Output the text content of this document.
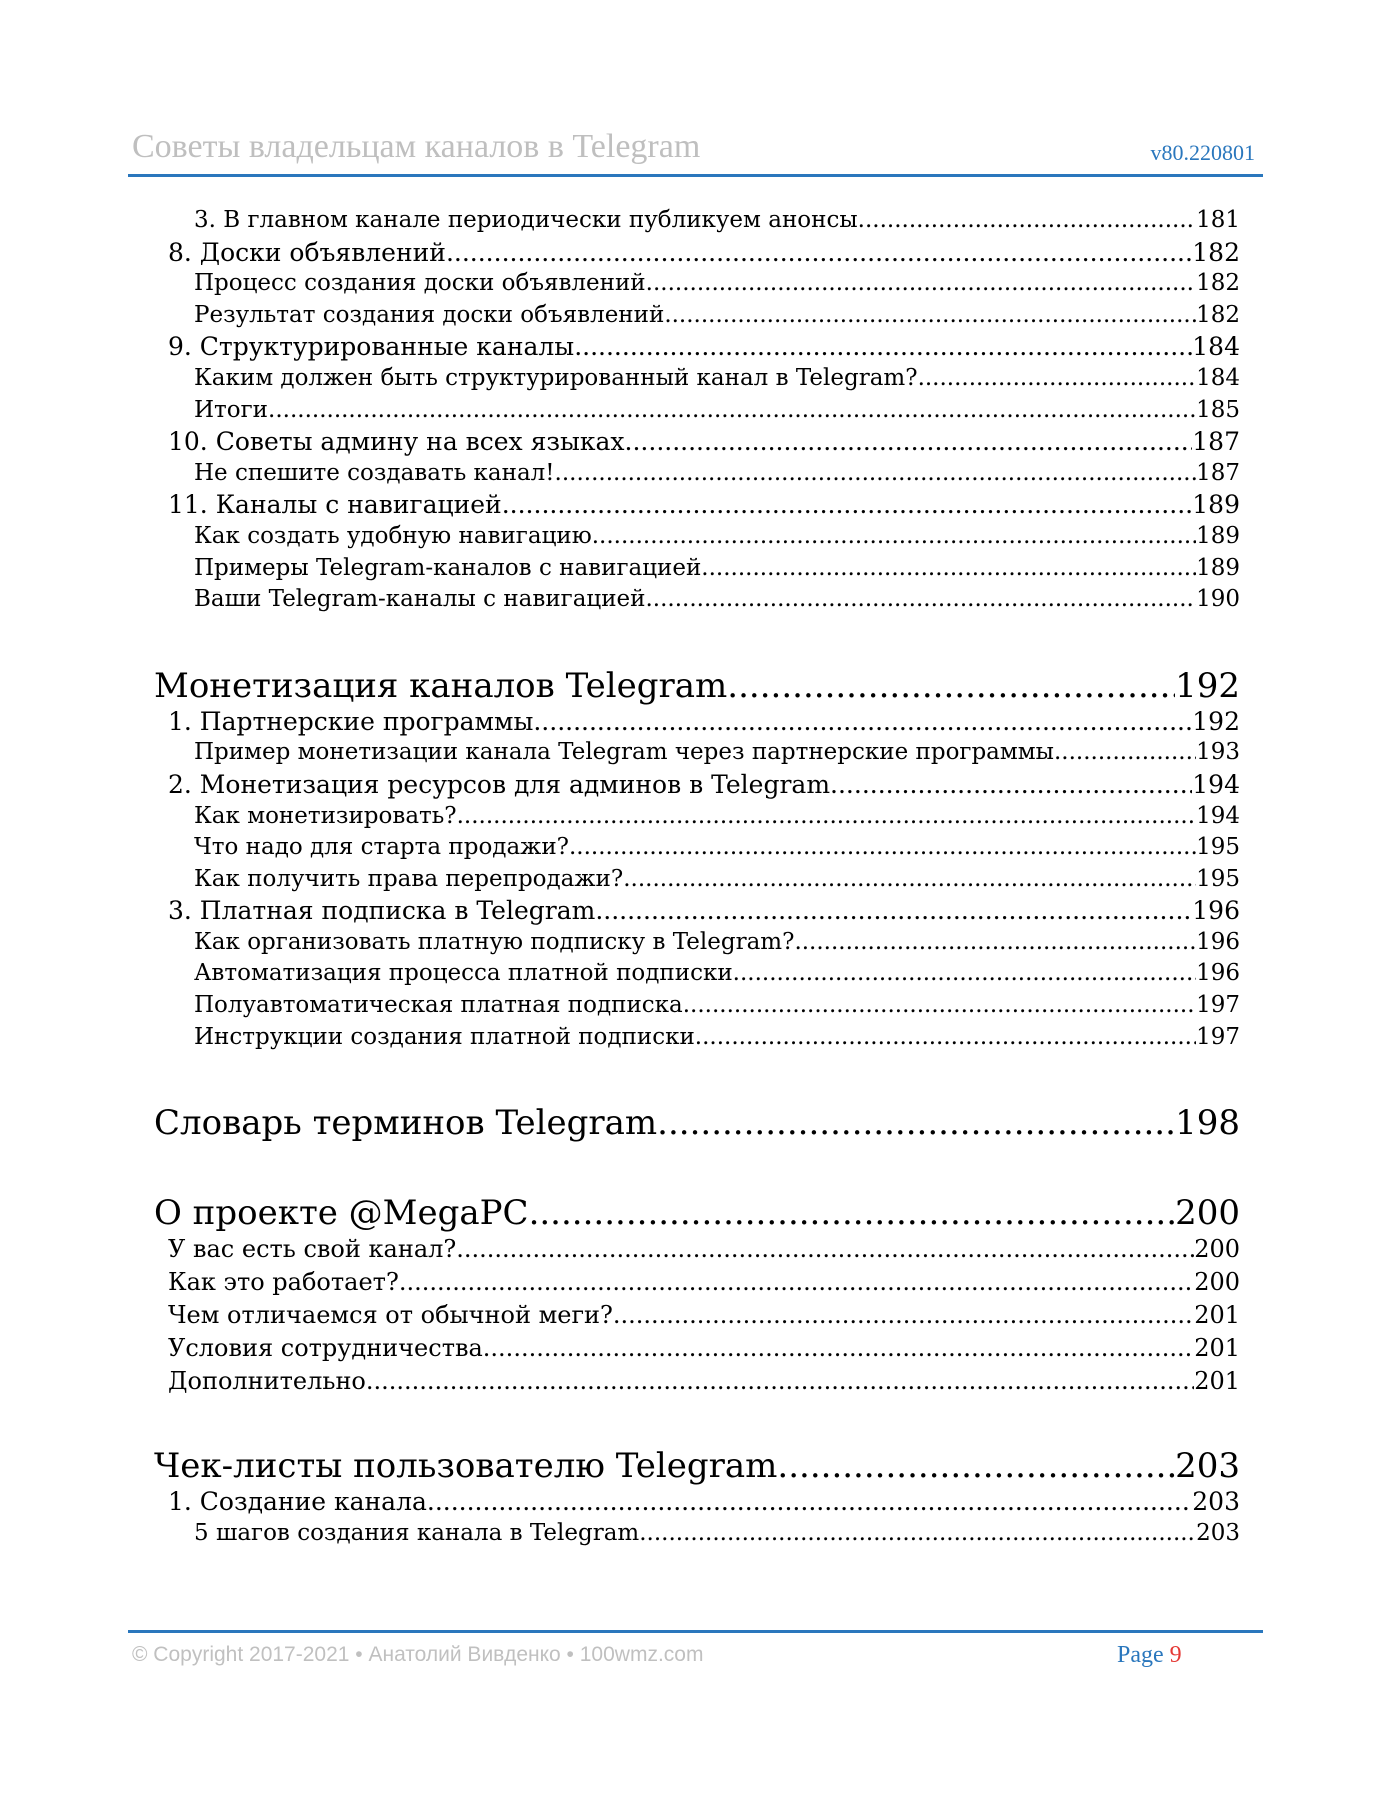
Советы владельцам каналов в Telegram	v80.220801
3. В главном канале периодически публикуем анонсы .....	181
8. Доски объявлений .....	182
Процесс создания доски объявлений .....	182
Результат создания доски объявлений .....	182
9. Структурированные каналы .....	184
Каким должен быть структурированный канал в Telegram? .....	184
Итоги .....	185
10. Советы админу на всех языках .....	187
Не спешите создавать канал! .....	187
11. Каналы с навигацией .....	189
Как создать удобную навигацию .....	189
Примеры Telegram-каналов с навигацией .....	189
Ваши Telegram-каналы с навигацией .....	190
Монетизация каналов Telegram .....	192
1. Партнерские программы .....	192
Пример монетизации канала Telegram через партнерские программы .....	193
2. Монетизация ресурсов для админов в Telegram .....	194
Как монетизировать? .....	194
Что надо для старта продажи? .....	195
Как получить права перепродажи? .....	195
3. Платная подписка в Telegram .....	196
Как организовать платную подписку в Telegram? .....	196
Автоматизация процесса платной подписки .....	196
Полуавтоматическая платная подписка .....	197
Инструкции создания платной подписки .....	197
Словарь терминов Telegram .....	198
О проекте @MegaPC .....	200
У вас есть свой канал? .....	200
Как это работает? .....	200
Чем отличаемся от обычной меги? .....	201
Условия сотрудничества .....	201
Дополнительно .....	201
Чек-листы пользователю Telegram .....	203
1. Создание канала .....	203
5 шагов создания канала в Telegram .....	203
© Copyright 2017-2021 • Анатолий Вивденко • 100wmz.com	Page 9
